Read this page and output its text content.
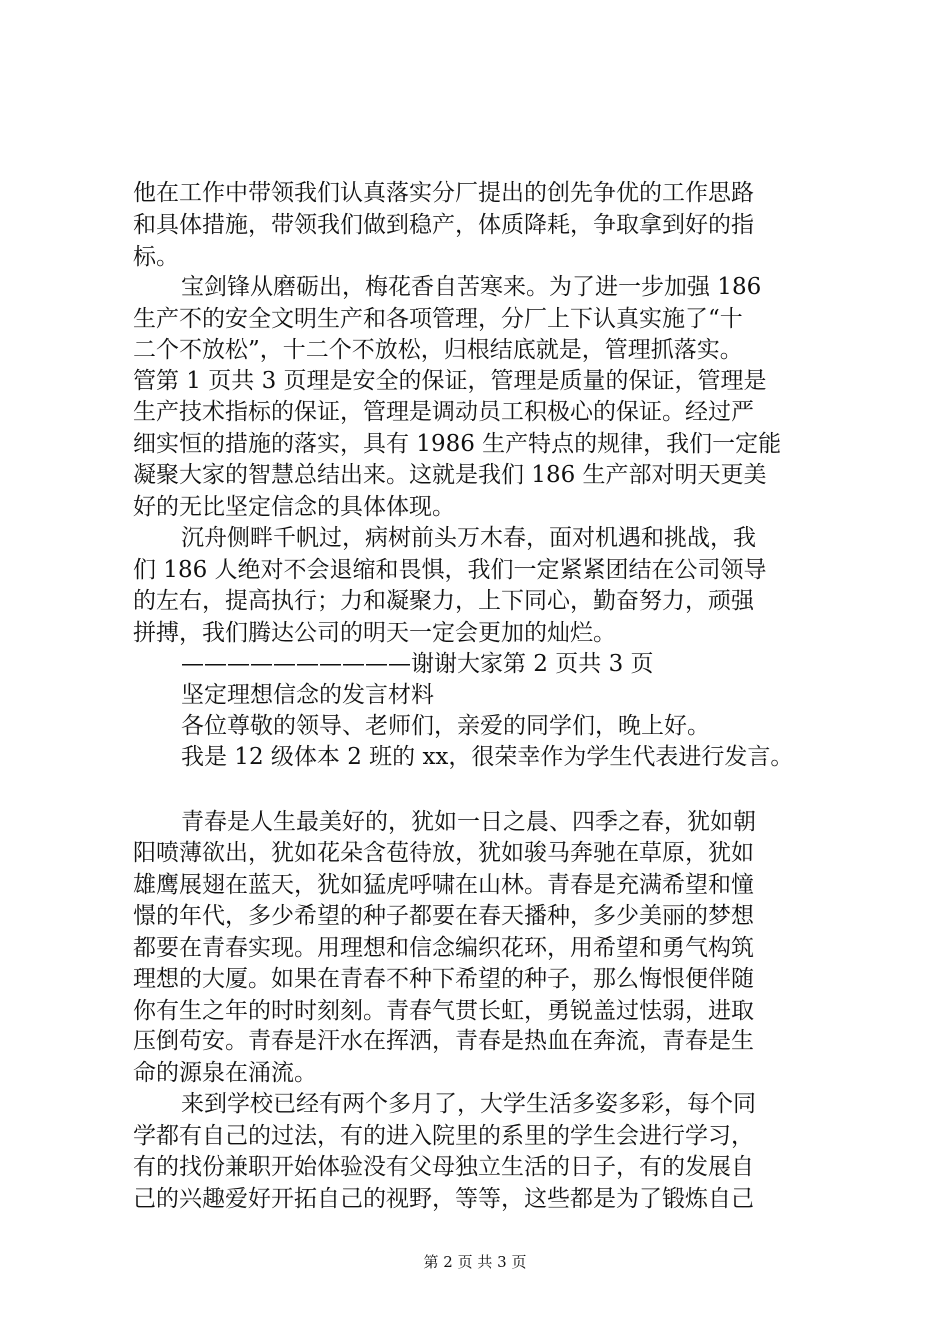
他在工作中带领我们认真落实分厂提出的创先争优的工作思路
和具体措施，带领我们做到稳产，体质降耗，争取拿到好的指
标。
宝剑锋从磨砺出，梅花香自苦寒来。为了进一步加强 186
生产不的安全文明生产和各项管理，分厂上下认真实施了“十
二个不放松”，十二个不放松，归根结底就是，管理抓落实。
管第 1 页共 3 页理是安全的保证，管理是质量的保证，管理是
生产技术指标的保证，管理是调动员工积极心的保证。经过严
细实恒的措施的落实，具有 1986 生产特点的规律，我们一定能
凝聚大家的智慧总结出来。这就是我们 186 生产部对明天更美
好的无比坚定信念的具体体现。
沉舟侧畔千帆过，病树前头万木春，面对机遇和挑战，我
们 186 人绝对不会退缩和畏惧，我们一定紧紧团结在公司领导
的左右，提高执行；力和凝聚力，上下同心，勤奋努力，顽强
拼搏，我们腾达公司的明天一定会更加的灿烂。
——————————谢谢大家第 2 页共 3 页
坚定理想信念的发言材料
各位尊敬的领导、老师们，亲爱的同学们，晚上好。
我是 12 级体本 2 班的 xx，很荣幸作为学生代表进行发言。
青春是人生最美好的，犹如一日之晨、四季之春，犹如朝
阳喷薄欲出，犹如花朵含苞待放，犹如骏马奔驰在草原，犹如
雄鹰展翅在蓝天，犹如猛虎呼啸在山林。青春是充满希望和憧
憬的年代，多少希望的种子都要在春天播种，多少美丽的梦想
都要在青春实现。用理想和信念编织花环，用希望和勇气构筑
理想的大厦。如果在青春不种下希望的种子，那么悔恨便伴随
你有生之年的时时刻刻。青春气贯长虹，勇锐盖过怯弱，进取
压倒苟安。青春是汗水在挥洒，青春是热血在奔流，青春是生
命的源泉在涌流。
来到学校已经有两个多月了，大学生活多姿多彩，每个同
学都有自己的过法，有的进入院里的系里的学生会进行学习，
有的找份兼职开始体验没有父母独立生活的日子，有的发展自
己的兴趣爱好开拓自己的视野，等等，这些都是为了锻炼自己
第 2 页 共 3 页
